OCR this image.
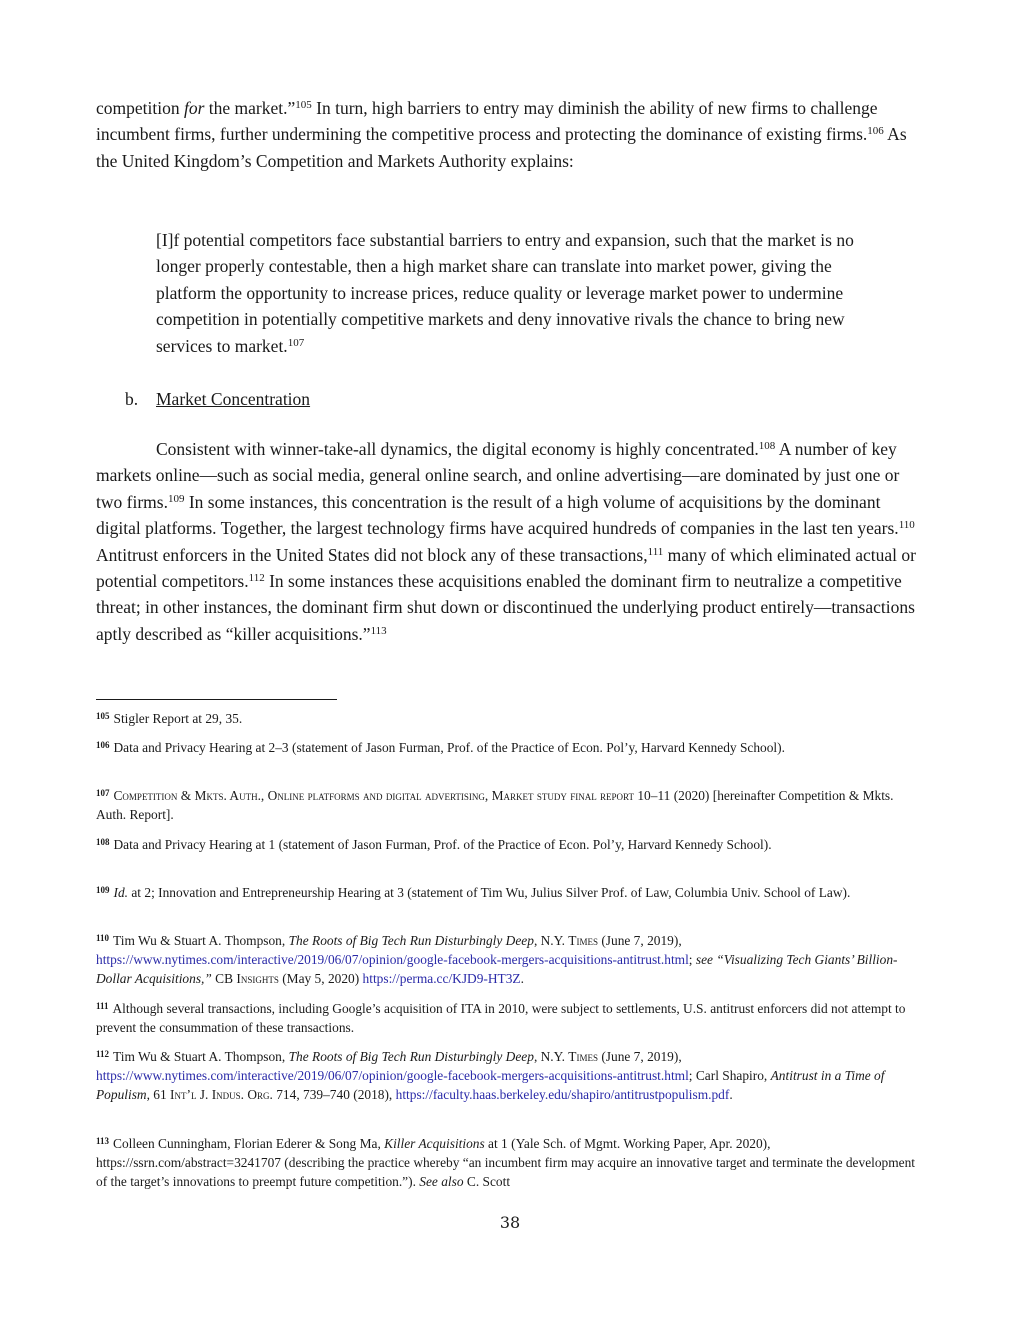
competition for the market.”$^{105}$ In turn, high barriers to entry may diminish the ability of new firms to challenge incumbent firms, further undermining the competitive process and protecting the dominance of existing firms.$^{106}$ As the United Kingdom’s Competition and Markets Authority explains:

[I]f potential competitors face substantial barriers to entry and expansion, such that the market is no longer properly contestable, then a high market share can translate into market power, giving the platform the opportunity to increase prices, reduce quality or leverage market power to undermine competition in potentially competitive markets and deny innovative rivals the chance to bring new services to market.$^{107}$

b. Market Concentration

Consistent with winner-take-all dynamics, the digital economy is highly concentrated.$^{108}$ A number of key markets online—such as social media, general online search, and online advertising—are dominated by just one or two firms.$^{109}$ In some instances, this concentration is the result of a high volume of acquisitions by the dominant digital platforms. Together, the largest technology firms have acquired hundreds of companies in the last ten years.$^{110}$ Antitrust enforcers in the United States did not block any of these transactions,$^{111}$ many of which eliminated actual or potential competitors.$^{112}$ In some instances these acquisitions enabled the dominant firm to neutralize a competitive threat; in other instances, the dominant firm shut down or discontinued the underlying product entirely—transactions aptly described as “killer acquisitions.”$^{113}$

$^{105}$ Stigler Report at 29, 35.

$^{106}$ Data and Privacy Hearing at 2–3 (statement of Jason Furman, Prof. of the Practice of Econ. Pol’y, Harvard Kennedy School).

$^{107}$ Competition & Mkts. Auth., Online platforms and digital advertising, Market study final report 10–11 (2020) [hereinafter Competition & Mkts. Auth. Report].

$^{108}$ Data and Privacy Hearing at 1 (statement of Jason Furman, Prof. of the Practice of Econ. Pol’y, Harvard Kennedy School).

$^{109}$ Id. at 2; Innovation and Entrepreneurship Hearing at 3 (statement of Tim Wu, Julius Silver Prof. of Law, Columbia Univ. School of Law).

$^{110}$ Tim Wu & Stuart A. Thompson, The Roots of Big Tech Run Disturbingly Deep, N.Y. Times (June 7, 2019), https://www.nytimes.com/interactive/2019/06/07/opinion/google-facebook-mergers-acquisitions-antitrust.html; see “Visualizing Tech Giants’ Billion-Dollar Acquisitions,” CB Insights (May 5, 2020) https://perma.cc/KJD9-HT3Z.

$^{111}$ Although several transactions, including Google’s acquisition of ITA in 2010, were subject to settlements, U.S. antitrust enforcers did not attempt to prevent the consummation of these transactions.

$^{112}$ Tim Wu & Stuart A. Thompson, The Roots of Big Tech Run Disturbingly Deep, N.Y. Times (June 7, 2019), https://www.nytimes.com/interactive/2019/06/07/opinion/google-facebook-mergers-acquisitions-antitrust.html; Carl Shapiro, Antitrust in a Time of Populism, 61 Int’l J. Indus. Org. 714, 739–740 (2018), https://faculty.haas.berkeley.edu/shapiro/antitrustpopulism.pdf.

$^{113}$ Colleen Cunningham, Florian Ederer & Song Ma, Killer Acquisitions at 1 (Yale Sch. of Mgmt. Working Paper, Apr. 2020), https://ssrn.com/abstract=3241707 (describing the practice whereby “an incumbent firm may acquire an innovative target and terminate the development of the target’s innovations to preempt future competition.”). See also C. Scott

38
